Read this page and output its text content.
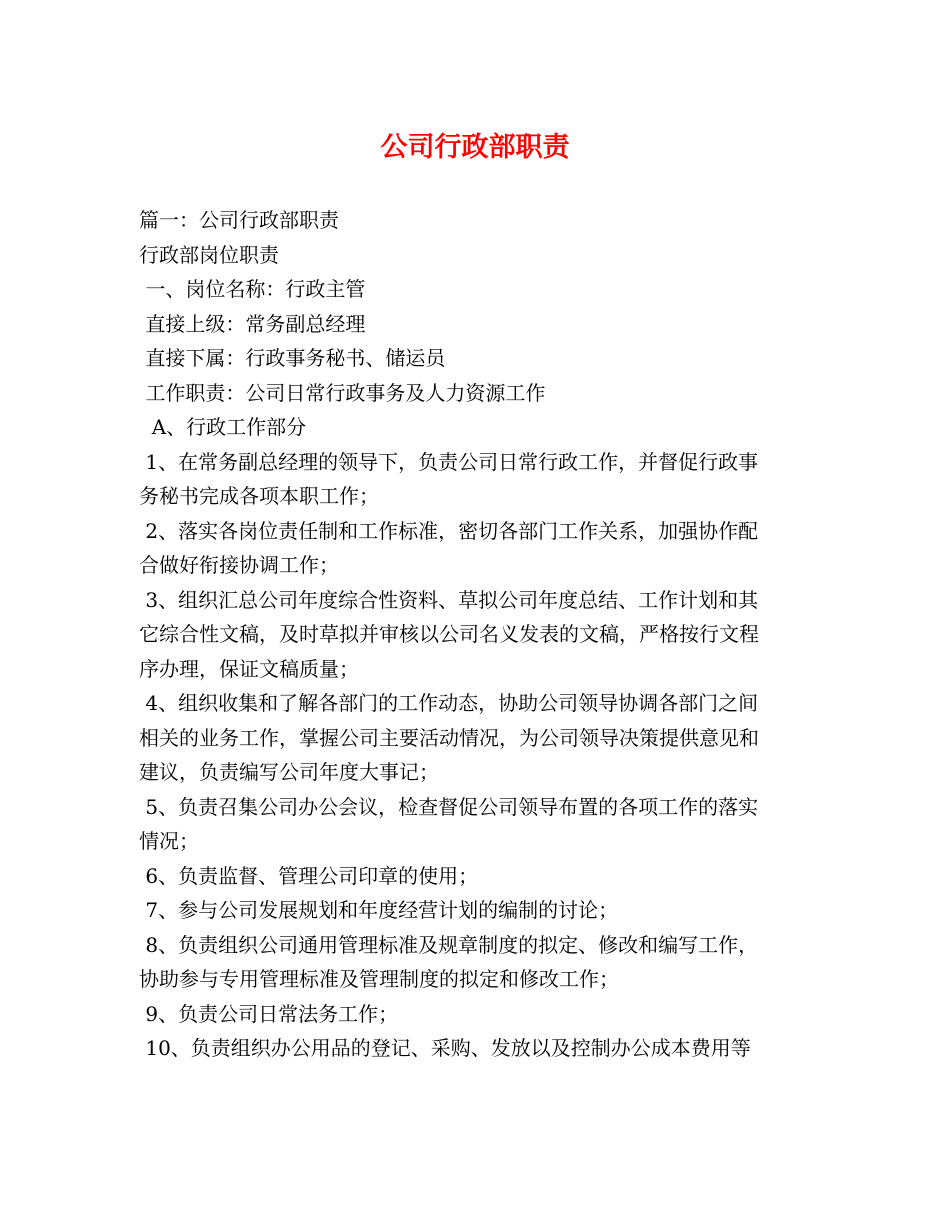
公司行政部职责

篇一：公司行政部职责

行政部岗位职责

一、岗位名称：行政主管

直接上级：常务副总经理

直接下属：行政事务秘书、储运员

工作职责：公司日常行政事务及人力资源工作

A、行政工作部分

1、在常务副总经理的领导下，负责公司日常行政工作，并督促行政事

务秘书完成各项本职工作；

2、落实各岗位责任制和工作标准，密切各部门工作关系，加强协作配

合做好衔接协调工作；

3、组织汇总公司年度综合性资料、草拟公司年度总结、工作计划和其

它综合性文稿，及时草拟并审核以公司名义发表的文稿，严格按行文程

序办理，保证文稿质量；

4、组织收集和了解各部门的工作动态，协助公司领导协调各部门之间

相关的业务工作，掌握公司主要活动情况，为公司领导决策提供意见和

建议，负责编写公司年度大事记；

5、负责召集公司办公会议，检查督促公司领导布置的各项工作的落实

情况；

6、负责监督、管理公司印章的使用；

7、参与公司发展规划和年度经营计划的编制的讨论；

8、负责组织公司通用管理标准及规章制度的拟定、修改和编写工作，

协助参与专用管理标准及管理制度的拟定和修改工作；

9、负责公司日常法务工作；

10、负责组织办公用品的登记、采购、发放以及控制办公成本费用等
